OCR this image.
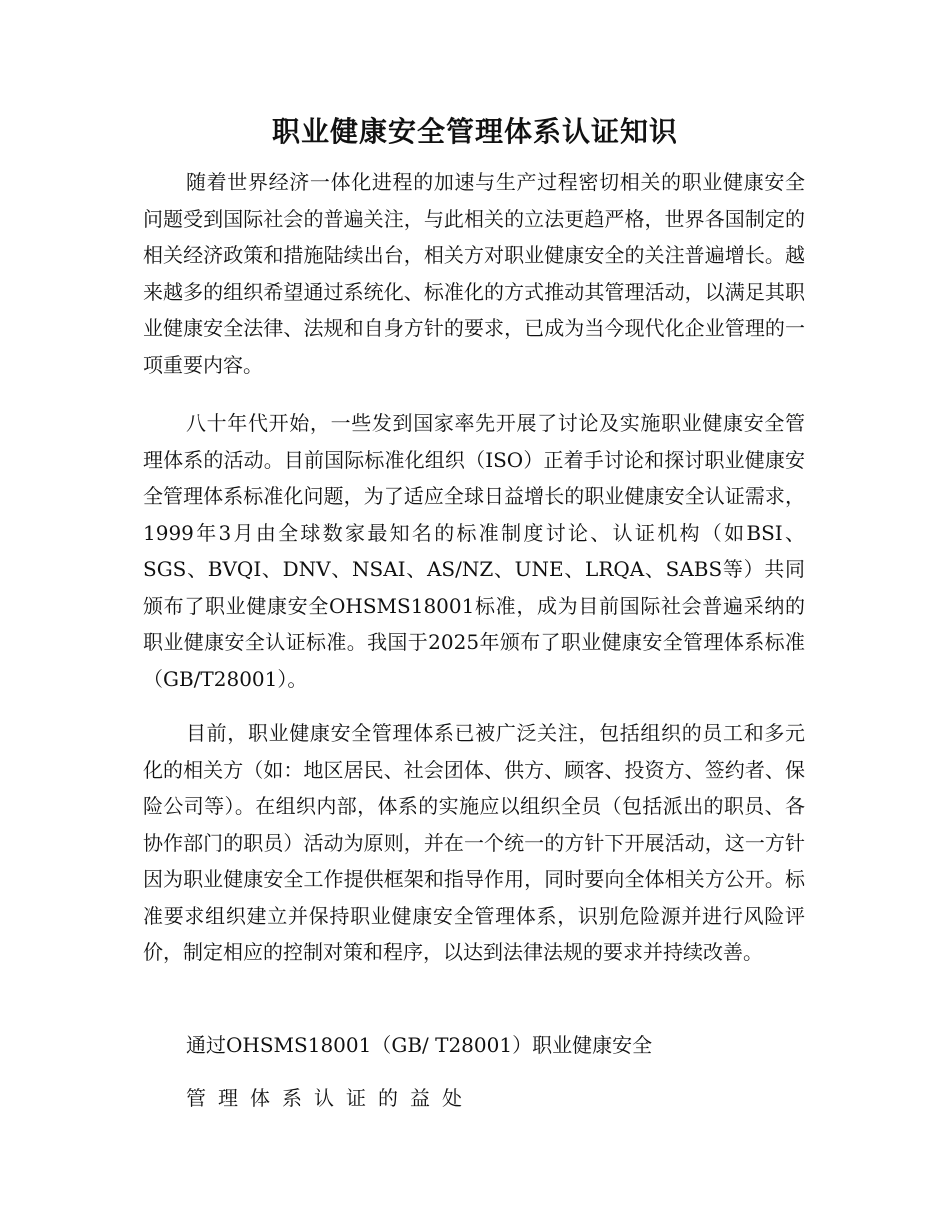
职业健康安全管理体系认证知识

随着世界经济一体化进程的加速与生产过程密切相关的职业健康安全问题受到国际社会的普遍关注，与此相关的立法更趋严格，世界各国制定的相关经济政策和措施陆续出台，相关方对职业健康安全的关注普遍增长。越来越多的组织希望通过系统化、标准化的方式推动其管理活动，以满足其职业健康安全法律、法规和自身方针的要求，已成为当今现代化企业管理的一项重要内容。

八十年代开始，一些发到国家率先开展了讨论及实施职业健康安全管理体系的活动。目前国际标准化组织（ISO）正着手讨论和探讨职业健康安全管理体系标准化问题，为了适应全球日益增长的职业健康安全认证需求，1999年3月由全球数家最知名的标准制度讨论、认证机构（如BSI、SGS、BVQI、DNV、NSAI、AS/NZ、UNE、LRQA、SABS等）共同颁布了职业健康安全OHSMS18001标准，成为目前国际社会普遍采纳的职业健康安全认证标准。我国于2025年颁布了职业健康安全管理体系标准（GB/T28001）。

目前，职业健康安全管理体系已被广泛关注，包括组织的员工和多元化的相关方（如：地区居民、社会团体、供方、顾客、投资方、签约者、保险公司等）。在组织内部，体系的实施应以组织全员（包括派出的职员、各协作部门的职员）活动为原则，并在一个统一的方针下开展活动，这一方针因为职业健康安全工作提供框架和指导作用，同时要向全体相关方公开。标准要求组织建立并保持职业健康安全管理体系，识别危险源并进行风险评价，制定相应的控制对策和程序，以达到法律法规的要求并持续改善。

通过OHSMS18001（GB/ T28001）职业健康安全

管理体系认证的益处
